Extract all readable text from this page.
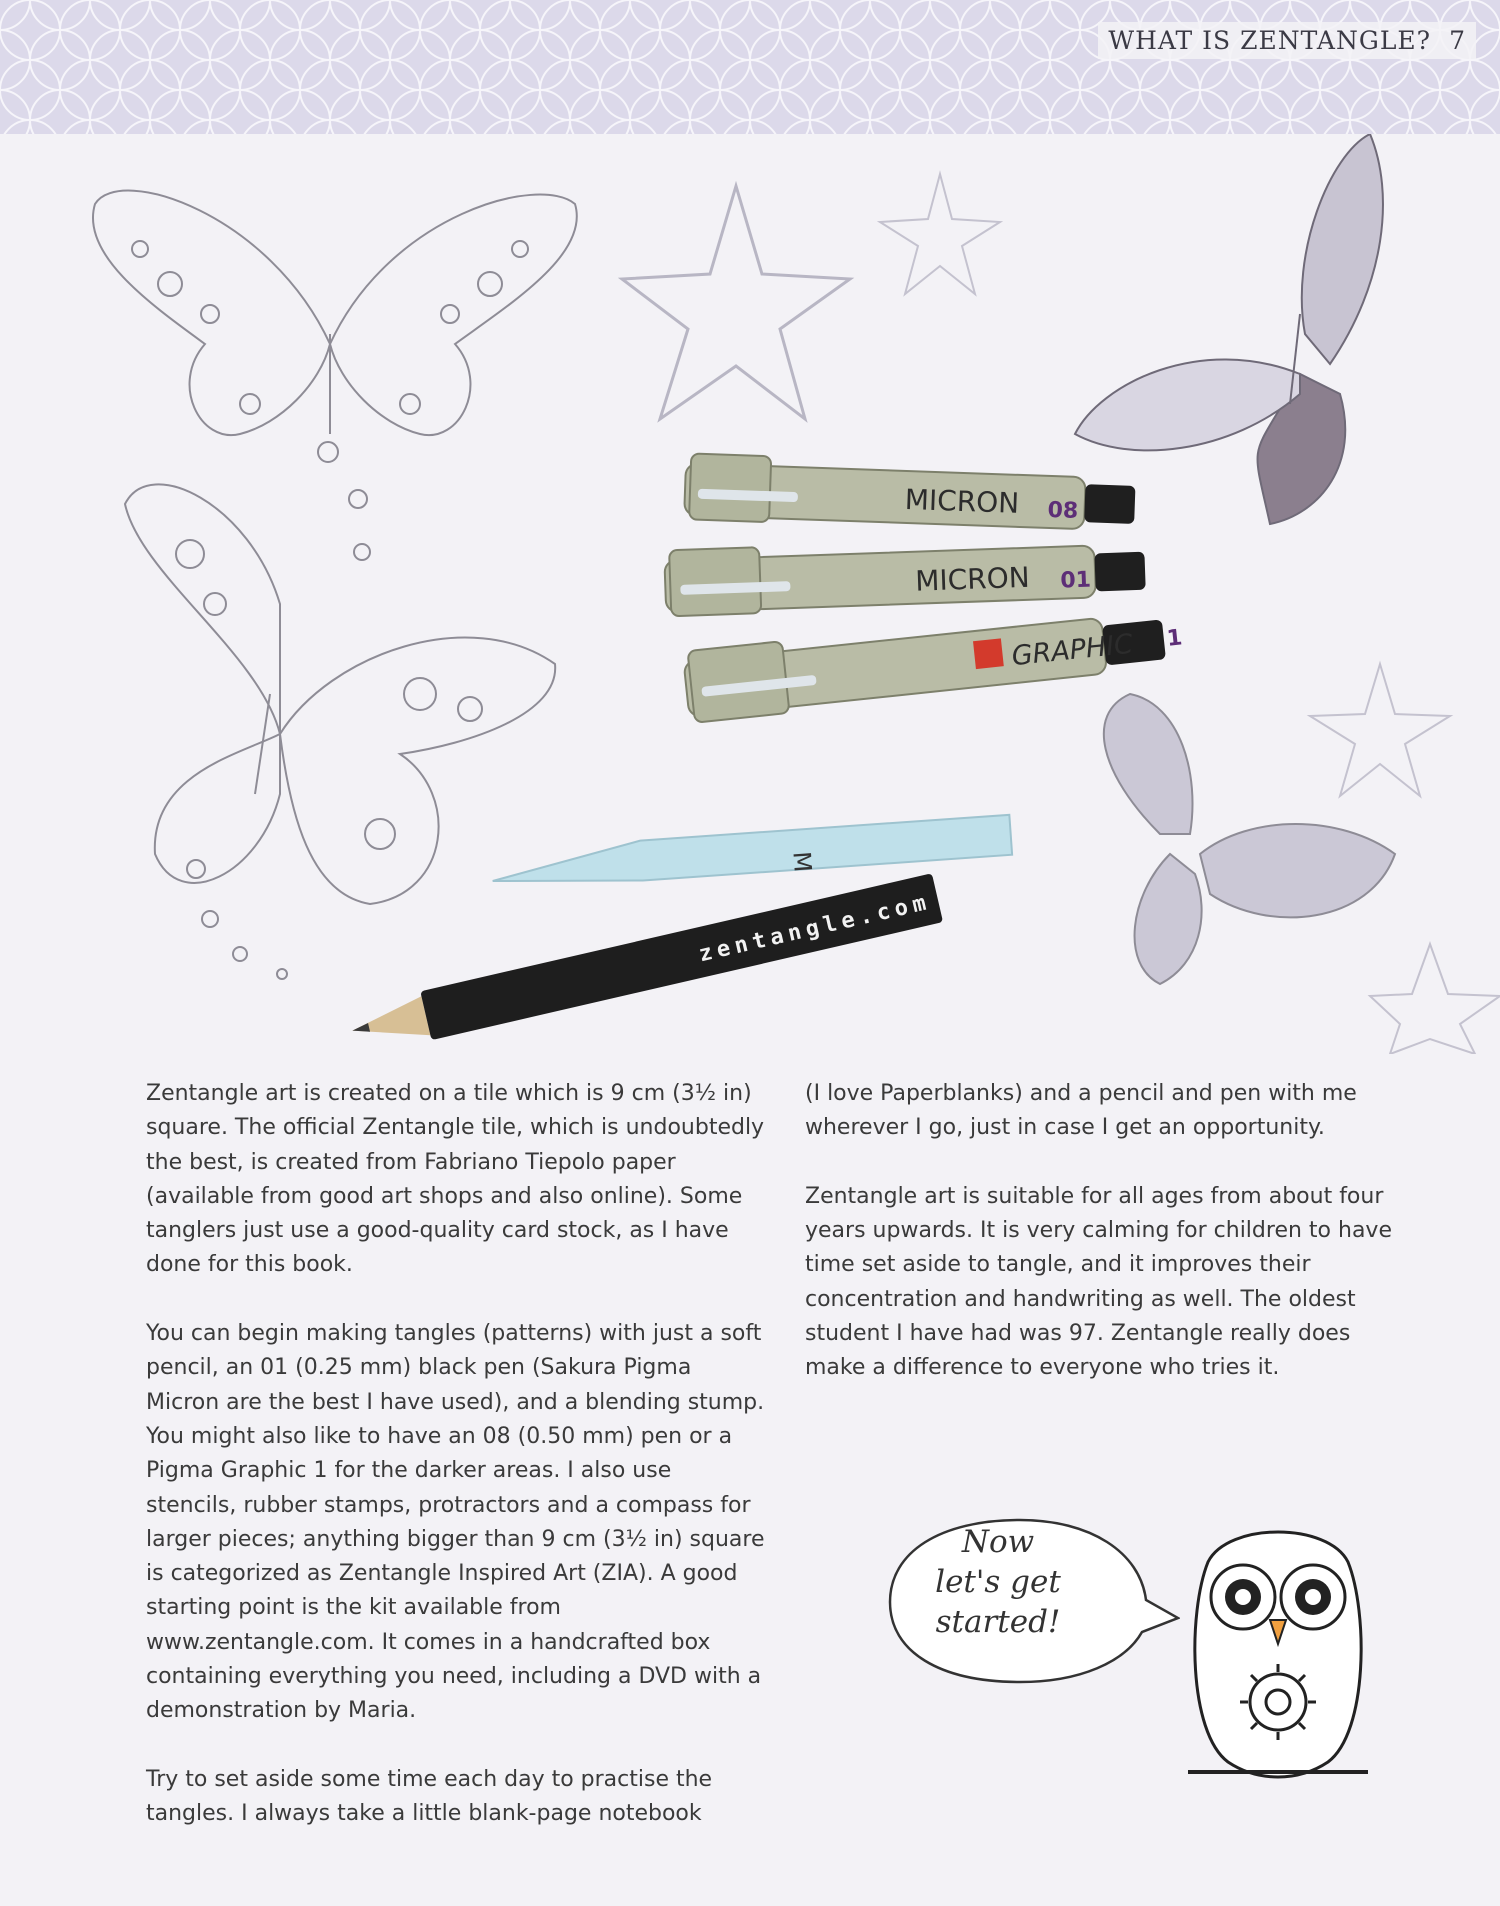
WHAT IS ZENTANGLE? 7
MICRON 08
MICRON 01
GRAPHIC 1
M
zentangle.com

Zentangle art is created on a tile which is 9 cm (3½ in) square. The official Zentangle tile, which is undoubtedly the best, is created from Fabriano Tiepolo paper (available from good art shops and also online). Some tanglers just use a good-quality card stock, as I have done for this book.

You can begin making tangles (patterns) with just a soft pencil, an 01 (0.25 mm) black pen (Sakura Pigma Micron are the best I have used), and a blending stump. You might also like to have an 08 (0.50 mm) pen or a Pigma Graphic 1 for the darker areas. I also use stencils, rubber stamps, protractors and a compass for larger pieces; anything bigger than 9 cm (3½ in) square is categorized as Zentangle Inspired Art (ZIA). A good starting point is the kit available from www.zentangle.com. It comes in a handcrafted box containing everything you need, including a DVD with a demonstration by Maria.

Try to set aside some time each day to practise the tangles. I always take a little blank-page notebook

(I love Paperblanks) and a pencil and pen with me wherever I go, just in case I get an opportunity.

Zentangle art is suitable for all ages from about four years upwards. It is very calming for children to have time set aside to tangle, and it improves their concentration and handwriting as well. The oldest student I have had was 97. Zentangle really does make a difference to everyone who tries it.

Now
let's get
started!
